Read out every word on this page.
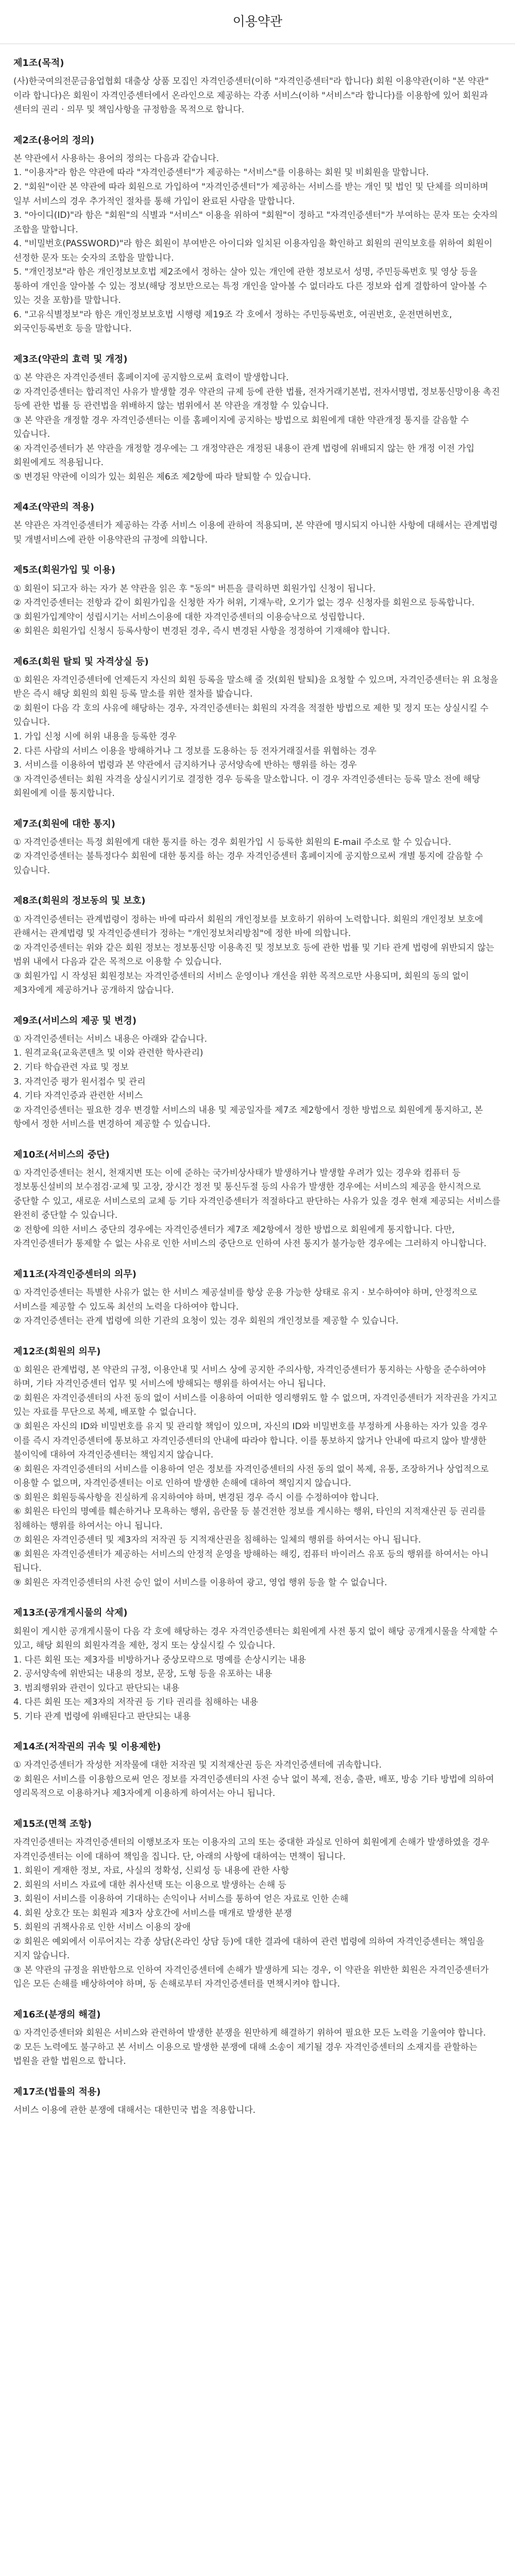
이용약관
제1조(목적)

(사)한국여의전문금융업협회 대출상 상품 모집인 자격인증센터(이하 "자격인증센터"라 합니다) 회원 이용약관(이하 "본 약관" 이라 합니다)은 회원이 자격인증센터에서 온라인으로 제공하는 각종 서비스(이하 "서비스"라 합니다)를 이용함에 있어 회원과 센터의 권리 · 의무 및 책임사항을 규정함을 목적으로 합니다.

제2조(용어의 정의)

본 약관에서 사용하는 용어의 정의는 다음과 같습니다.

1. "이용자"라 함은 약관에 따라 "자격인증센터"가 제공하는 "서비스"를 이용하는 회원 및 비회원을 말합니다.

2. "회원"이란 본 약관에 따라 회원으로 가입하여 "자격인증센터"가 제공하는 서비스를 받는 개인 및 법인 및 단체를 의미하며 일부 서비스의 경우 추가적인 절차를 통해 가입이 완료된 사람을 말합니다.

3. "아이디(ID)"라 함은 "회원"의 식별과 "서비스" 이용을 위하여 "회원"이 정하고 "자격인증센터"가 부여하는 문자 또는 숫자의 조합을 말합니다.

4. "비밀번호(PASSWORD)"라 함은 회원이 부여받은 아이디와 일치된 이용자임을 확인하고 회원의 권익보호를 위하여 회원이 선정한 문자 또는 숫자의 조합을 말합니다.

5. "개인정보"라 함은 개인정보보호법 제2조에서 정하는 살아 있는 개인에 관한 정보로서 성명, 주민등록번호 및 영상 등을 통하여 개인을 알아볼 수 있는 정보(해당 정보만으로는 특정 개인을 알아볼 수 없더라도 다른 정보와 쉽게 결합하여 알아볼 수 있는 것을 포함)를 말합니다.

6. "고유식별정보"라 함은 개인정보보호법 시행령 제19조 각 호에서 정하는 주민등록번호, 여권번호, 운전면허번호, 외국인등록번호 등을 말합니다.

제3조(약관의 효력 및 개정)

① 본 약관은 자격인증센터 홈페이지에 공지함으로써 효력이 발생합니다.

② 자격인증센터는 합리적인 사유가 발생할 경우 약관의 규제 등에 관한 법률, 전자거래기본법, 전자서명법, 정보통신망이용 촉진 등에 관한 법률 등 관련법을 위배하지 않는 범위에서 본 약관을 개정할 수 있습니다.

③ 본 약관을 개정할 경우 자격인증센터는 이를 홈페이지에 공지하는 방법으로 회원에게 대한 약관개정 통지를 갈음할 수 있습니다.

④ 자격인증센터가 본 약관을 개정할 경우에는 그 개정약관은 개정된 내용이 관계 법령에 위배되지 않는 한 개정 이전 가입 회원에게도 적용됩니다.

⑤ 변경된 약관에 이의가 있는 회원은 제6조 제2항에 따라 탈퇴할 수 있습니다.

제4조(약관의 적용)

본 약관은 자격인증센터가 제공하는 각종 서비스 이용에 관하여 적용되며, 본 약관에 명시되지 아니한 사항에 대해서는 관계법령 및 개별서비스에 관한 이용약관의 규정에 의합니다.

제5조(회원가입 및 이용)

① 회원이 되고자 하는 자가 본 약관을 읽은 후 "동의" 버튼을 클릭하면 회원가입 신청이 됩니다.

② 자격인증센터는 전항과 같이 회원가입을 신청한 자가 허위, 기재누락, 오기가 없는 경우 신청자를 회원으로 등록합니다.

③ 회원가입계약이 성립시기는 서비스이용에 대한 자격인증센터의 이용승낙으로 성립합니다.

④ 회원은 회원가입 신청시 등록사항이 변경된 경우, 즉시 변경된 사항을 정정하여 기재해야 합니다.

제6조(회원 탈퇴 및 자격상실 등)

① 회원은 자격인증센터에 언제든지 자신의 회원 등록을 말소해 줄 것(회원 탈퇴)을 요청할 수 있으며, 자격인증센터는 위 요청을 받은 즉시 해당 회원의 회원 등록 말소를 위한 절차를 밟습니다.

② 회원이 다음 각 호의 사유에 해당하는 경우, 자격인증센터는 회원의 자격을 적절한 방법으로 제한 및 정지 또는 상실시킬 수 있습니다.

1. 가입 신청 시에 허위 내용을 등록한 경우

2. 다른 사람의 서비스 이용을 방해하거나 그 정보를 도용하는 등 전자거래질서를 위협하는 경우

3. 서비스를 이용하여 법령과 본 약관에서 금지하거나 공서양속에 반하는 행위를 하는 경우

③ 자격인증센터는 회원 자격을 상실시키기로 결정한 경우 등록을 말소합니다. 이 경우 자격인증센터는 등록 말소 전에 해당 회원에게 이를 통지합니다.

제7조(회원에 대한 통지)

① 자격인증센터는 특정 회원에게 대한 통지를 하는 경우 회원가입 시 등록한 회원의 E-mail 주소로 할 수 있습니다.

② 자격인증센터는 불특정다수 회원에 대한 통지를 하는 경우 자격인증센터 홈페이지에 공지함으로써 개별 통지에 갈음할 수 있습니다.

제8조(회원의 정보동의 및 보호)

① 자격인증센터는 관계법령이 정하는 바에 따라서 회원의 개인정보를 보호하기 위하여 노력합니다. 회원의 개인정보 보호에 관해서는 관계법령 및 자격인증센터가 정하는 "개인정보처리방침"에 정한 바에 의합니다.

② 자격인증센터는 위와 같은 회원 정보는 정보통신망 이용촉진 및 정보보호 등에 관한 법률 및 기타 관계 법령에 위반되지 않는 범위 내에서 다음과 같은 목적으로 이용할 수 있습니다.

③ 회원가입 시 작성된 회원정보는 자격인증센터의 서비스 운영이나 개선을 위한 목적으로만 사용되며, 회원의 동의 없이 제3자에게 제공하거나 공개하지 않습니다.

제9조(서비스의 제공 및 변경)

① 자격인증센터는 서비스 내용은 아래와 같습니다.

1. 원격교육(교육콘텐츠 및 이와 관련한 학사관리)

2. 기타 학습관련 자료 및 정보

3. 자격인증 평가 원서접수 및 관리

4. 기타 자격인증과 관련한 서비스

② 자격인증센터는 필요한 경우 변경할 서비스의 내용 및 제공일자를 제7조 제2항에서 정한 방법으로 회원에게 통지하고, 본 항에서 정한 서비스를 변경하여 제공할 수 있습니다.

제10조(서비스의 중단)

① 자격인증센터는 천시, 천재지변 또는 이에 준하는 국가비상사태가 발생하거나 발생할 우려가 있는 경우와 컴퓨터 등 정보통신설비의 보수점검·교체 및 고장, 장시간 정전 및 통신두절 등의 사유가 발생한 경우에는 서비스의 제공을 한시적으로 중단할 수 있고, 새로운 서비스로의 교체 등 기타 자격인증센터가 적절하다고 판단하는 사유가 있을 경우 현재 제공되는 서비스를 완전히 중단할 수 있습니다.

② 전항에 의한 서비스 중단의 경우에는 자격인증센터가 제7조 제2항에서 정한 방법으로 회원에게 통지합니다. 다만, 자격인증센터가 통제할 수 없는 사유로 인한 서비스의 중단으로 인하여 사전 통지가 불가능한 경우에는 그러하지 아니합니다.

제11조(자격인증센터의 의무)

① 자격인증센터는 특별한 사유가 없는 한 서비스 제공설비를 항상 운용 가능한 상태로 유지 · 보수하여야 하며, 안정적으로 서비스를 제공할 수 있도록 최선의 노력을 다하여야 합니다.

② 자격인증센터는 관계 법령에 의한 기관의 요청이 있는 경우 회원의 개인정보를 제공할 수 있습니다.

제12조(회원의 의무)

① 회원은 관계법령, 본 약관의 규정, 이용안내 및 서비스 상에 공지한 주의사항, 자격인증센터가 통지하는 사항을 준수하여야 하며, 기타 자격인증센터 업무 및 서비스에 방해되는 행위를 하여서는 아니 됩니다.

② 회원은 자격인증센터의 사전 동의 없이 서비스를 이용하여 어떠한 영리행위도 할 수 없으며, 자격인증센터가 저작권을 가지고 있는 자료를 무단으로 복제, 배포할 수 없습니다.

③ 회원은 자신의 ID와 비밀번호를 유지 및 관리할 책임이 있으며, 자신의 ID와 비밀번호를 부정하게 사용하는 자가 있을 경우 이를 즉시 자격인증센터에 통보하고 자격인증센터의 안내에 따라야 합니다. 이를 통보하지 않거나 안내에 따르지 않아 발생한 불이익에 대하여 자격인증센터는 책임지지 않습니다.

④ 회원은 자격인증센터의 서비스를 이용하여 얻은 정보를 자격인증센터의 사전 동의 없이 복제, 유통, 조장하거나 상업적으로 이용할 수 없으며, 자격인증센터는 이로 인하여 발생한 손해에 대하여 책임지지 않습니다.

⑤ 회원은 회원등록사항을 진실하게 유지하여야 하며, 변경된 경우 즉시 이를 수정하여야 합니다.

⑥ 회원은 타인의 명예를 훼손하거나 모욕하는 행위, 음란물 등 불건전한 정보를 게시하는 행위, 타인의 지적재산권 등 권리를 침해하는 행위를 하여서는 아니 됩니다.

⑦ 회원은 자격인증센터 및 제3자의 저작권 등 지적재산권을 침해하는 일체의 행위를 하여서는 아니 됩니다.

⑧ 회원은 자격인증센터가 제공하는 서비스의 안정적 운영을 방해하는 해킹, 컴퓨터 바이러스 유포 등의 행위를 하여서는 아니 됩니다.

⑨ 회원은 자격인증센터의 사전 승인 없이 서비스를 이용하여 광고, 영업 행위 등을 할 수 없습니다.

제13조(공개게시물의 삭제)

회원이 게시한 공개게시물이 다음 각 호에 해당하는 경우 자격인증센터는 회원에게 사전 통지 없이 해당 공개게시물을 삭제할 수 있고, 해당 회원의 회원자격을 제한, 정지 또는 상실시킬 수 있습니다.

1. 다른 회원 또는 제3자를 비방하거나 중상모략으로 명예를 손상시키는 내용

2. 공서양속에 위반되는 내용의 정보, 문장, 도형 등을 유포하는 내용

3. 범죄행위와 관련이 있다고 판단되는 내용

4. 다른 회원 또는 제3자의 저작권 등 기타 권리를 침해하는 내용

5. 기타 관계 법령에 위배된다고 판단되는 내용

제14조(저작권의 귀속 및 이용제한)

① 자격인증센터가 작성한 저작물에 대한 저작권 및 지적재산권 등은 자격인증센터에 귀속합니다.

② 회원은 서비스를 이용함으로써 얻은 정보를 자격인증센터의 사전 승낙 없이 복제, 전송, 출판, 배포, 방송 기타 방법에 의하여 영리목적으로 이용하거나 제3자에게 이용하게 하여서는 아니 됩니다.

제15조(면책 조항)

자격인증센터는 자격인증센터의 이행보조자 또는 이용자의 고의 또는 중대한 과실로 인하여 회원에게 손해가 발생하였을 경우 자격인증센터는 이에 대하여 책임을 집니다. 단, 아래의 사항에 대하여는 면책이 됩니다.

1. 회원이 게재한 정보, 자료, 사실의 정확성, 신뢰성 등 내용에 관한 사항

2. 회원의 서비스 자료에 대한 취사선택 또는 이용으로 발생하는 손해 등

3. 회원이 서비스를 이용하여 기대하는 손익이나 서비스를 통하여 얻은 자료로 인한 손해

4. 회원 상호간 또는 회원과 제3자 상호간에 서비스를 매개로 발생한 분쟁

5. 회원의 귀책사유로 인한 서비스 이용의 장애

② 회원은 예외에서 이루어지는 각종 상담(온라인 상담 등)에 대한 결과에 대하여 관련 법령에 의하여 자격인증센터는 책임을 지지 않습니다.

③ 본 약관의 규정을 위반함으로 인하여 자격인증센터에 손해가 발생하게 되는 경우, 이 약관을 위반한 회원은 자격인증센터가 입은 모든 손해를 배상하여야 하며, 동 손해로부터 자격인증센터를 면책시켜야 합니다.

제16조(분쟁의 해결)

① 자격인증센터와 회원은 서비스와 관련하여 발생한 분쟁을 원만하게 해결하기 위하여 필요한 모든 노력을 기울여야 합니다.

② 모든 노력에도 불구하고 본 서비스 이용으로 발생한 분쟁에 대해 소송이 제기될 경우 자격인증센터의 소재지를 관할하는 법원을 관할 법원으로 합니다.

제17조(법률의 적용)

서비스 이용에 관한 분쟁에 대해서는 대한민국 법을 적용합니다.
